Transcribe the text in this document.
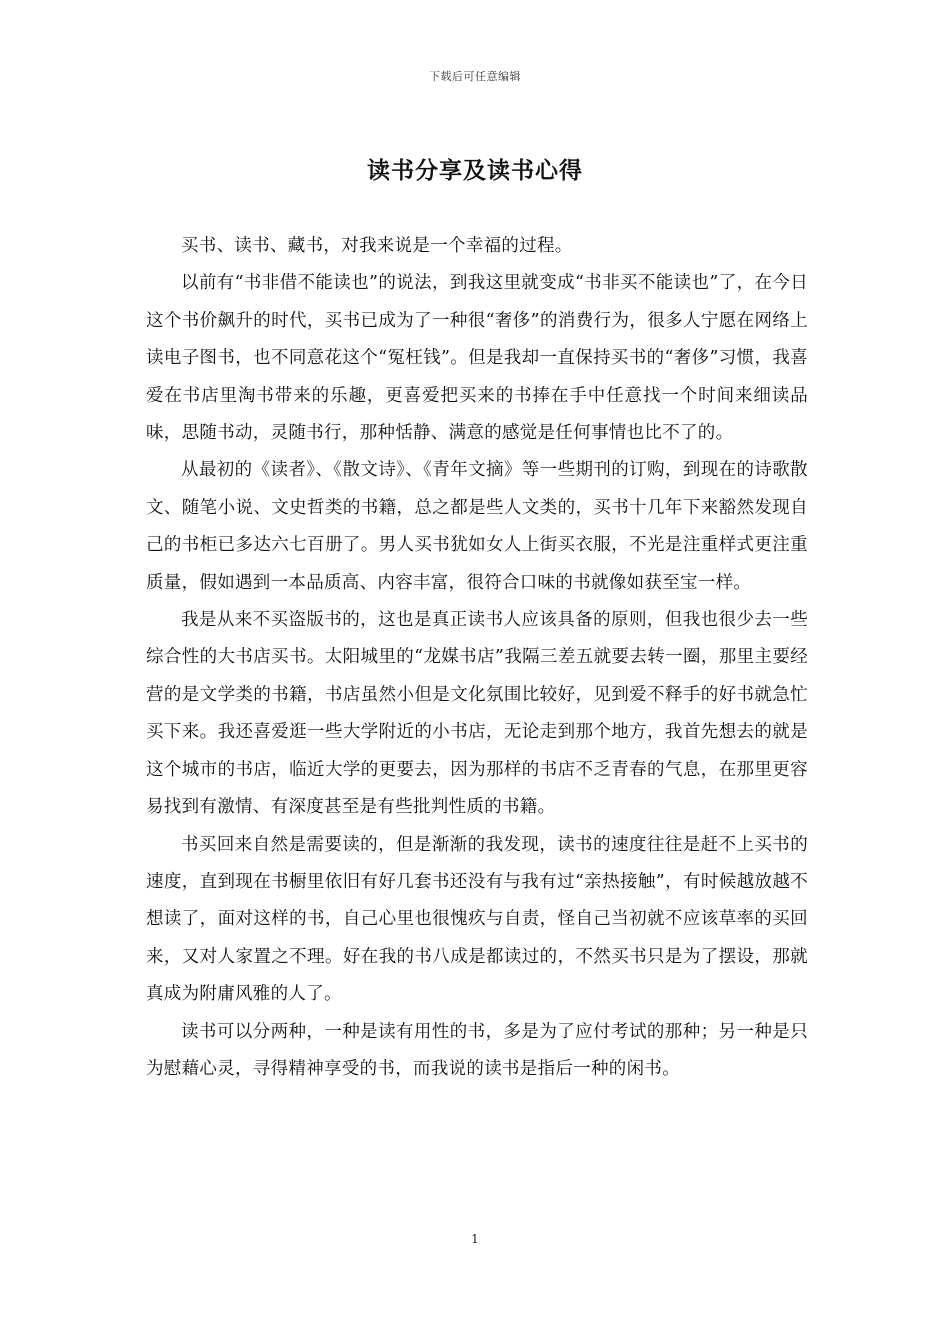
下载后可任意编辑
读书分享及读书心得

买书、读书、藏书，对我来说是一个幸福的过程。

以前有“书非借不能读也”的说法，到我这里就变成“书非买不能读也”了，在今日这个书价飙升的时代，买书已成为了一种很“奢侈”的消费行为，很多人宁愿在网络上读电子图书，也不同意花这个“冤枉钱”。但是我却一直保持买书的“奢侈”习惯，我喜爱在书店里淘书带来的乐趣，更喜爱把买来的书捧在手中任意找一个时间来细读品味，思随书动，灵随书行，那种恬静、满意的感觉是任何事情也比不了的。

从最初的《读者》、《散文诗》、《青年文摘》等一些期刊的订购，到现在的诗歌散文、随笔小说、文史哲类的书籍，总之都是些人文类的，买书十几年下来豁然发现自己的书柜已多达六七百册了。男人买书犹如女人上街买衣服，不光是注重样式更注重质量，假如遇到一本品质高、内容丰富，很符合口味的书就像如获至宝一样。

我是从来不买盗版书的，这也是真正读书人应该具备的原则，但我也很少去一些综合性的大书店买书。太阳城里的“龙媒书店”我隔三差五就要去转一圈，那里主要经营的是文学类的书籍，书店虽然小但是文化氛围比较好，见到爱不释手的好书就急忙买下来。我还喜爱逛一些大学附近的小书店，无论走到那个地方，我首先想去的就是这个城市的书店，临近大学的更要去，因为那样的书店不乏青春的气息，在那里更容易找到有激情、有深度甚至是有些批判性质的书籍。

书买回来自然是需要读的，但是渐渐的我发现，读书的速度往往是赶不上买书的速度，直到现在书橱里依旧有好几套书还没有与我有过“亲热接触”，有时候越放越不想读了，面对这样的书，自己心里也很愧疚与自责，怪自己当初就不应该草率的买回来，又对人家置之不理。好在我的书八成是都读过的，不然买书只是为了摆设，那就真成为附庸风雅的人了。

读书可以分两种，一种是读有用性的书，多是为了应付考试的那种；另一种是只为慰藉心灵，寻得精神享受的书，而我说的读书是指后一种的闲书。

1
